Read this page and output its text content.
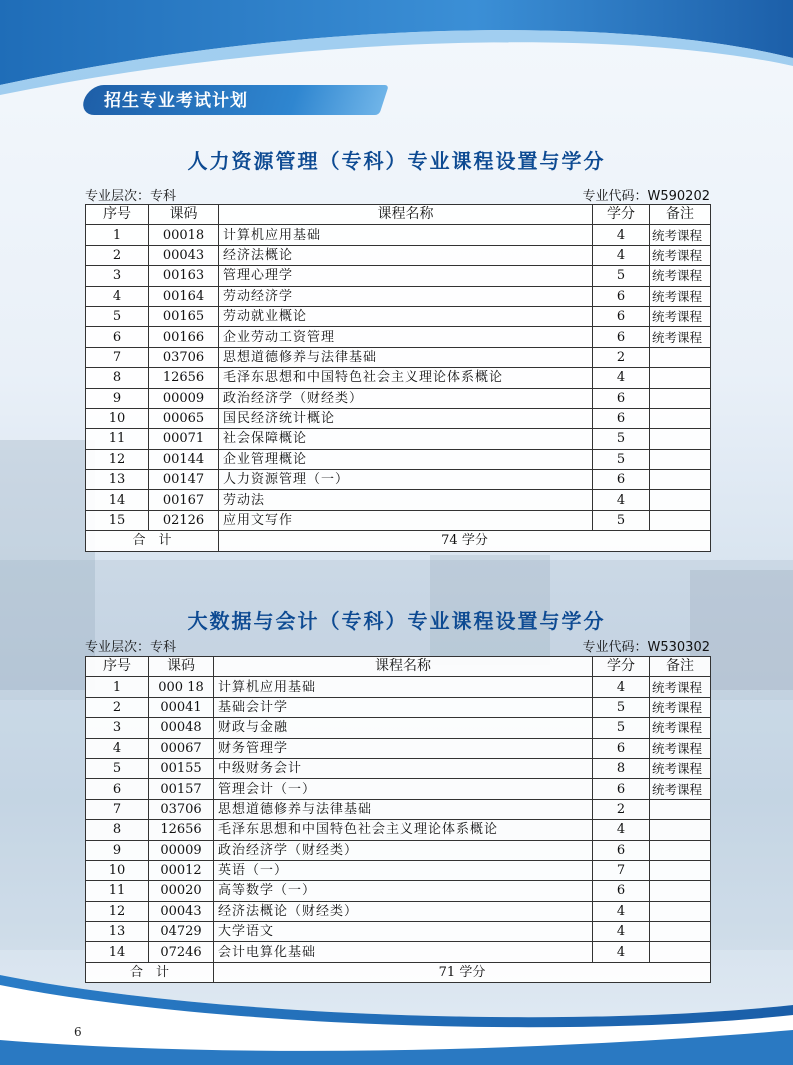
招生专业考试计划
人力资源管理（专科）专业课程设置与学分
专业层次：专科	专业代码：W590202
序号	课码	课程名称	学分	备注
1	00018	计算机应用基础	4	统考课程
2	00043	经济法概论	4	统考课程
3	00163	管理心理学	5	统考课程
4	00164	劳动经济学	6	统考课程
5	00165	劳动就业概论	6	统考课程
6	00166	企业劳动工资管理	6	统考课程
7	03706	思想道德修养与法律基础	2	
8	12656	毛泽东思想和中国特色社会主义理论体系概论	4	
9	00009	政治经济学（财经类）	6	
10	00065	国民经济统计概论	6	
11	00071	社会保障概论	5	
12	00144	企业管理概论	5	
13	00147	人力资源管理（一）	6	
14	00167	劳动法	4	
15	02126	应用文写作	5	
合　计		74 学分		
大数据与会计（专科）专业课程设置与学分
专业层次：专科	专业代码：W530302
序号	课码	课程名称	学分	备注
1	000 18	计算机应用基础	4	统考课程
2	00041	基础会计学	5	统考课程
3	00048	财政与金融	5	统考课程
4	00067	财务管理学	6	统考课程
5	00155	中级财务会计	8	统考课程
6	00157	管理会计（一）	6	统考课程
7	03706	思想道德修养与法律基础	2	
8	12656	毛泽东思想和中国特色社会主义理论体系概论	4	
9	00009	政治经济学（财经类）	6	
10	00012	英语（一）	7	
11	00020	高等数学（一）	6	
12	00043	经济法概论（财经类）	4	
13	04729	大学语文	4	
14	07246	会计电算化基础	4	
合　计		71 学分		
6
